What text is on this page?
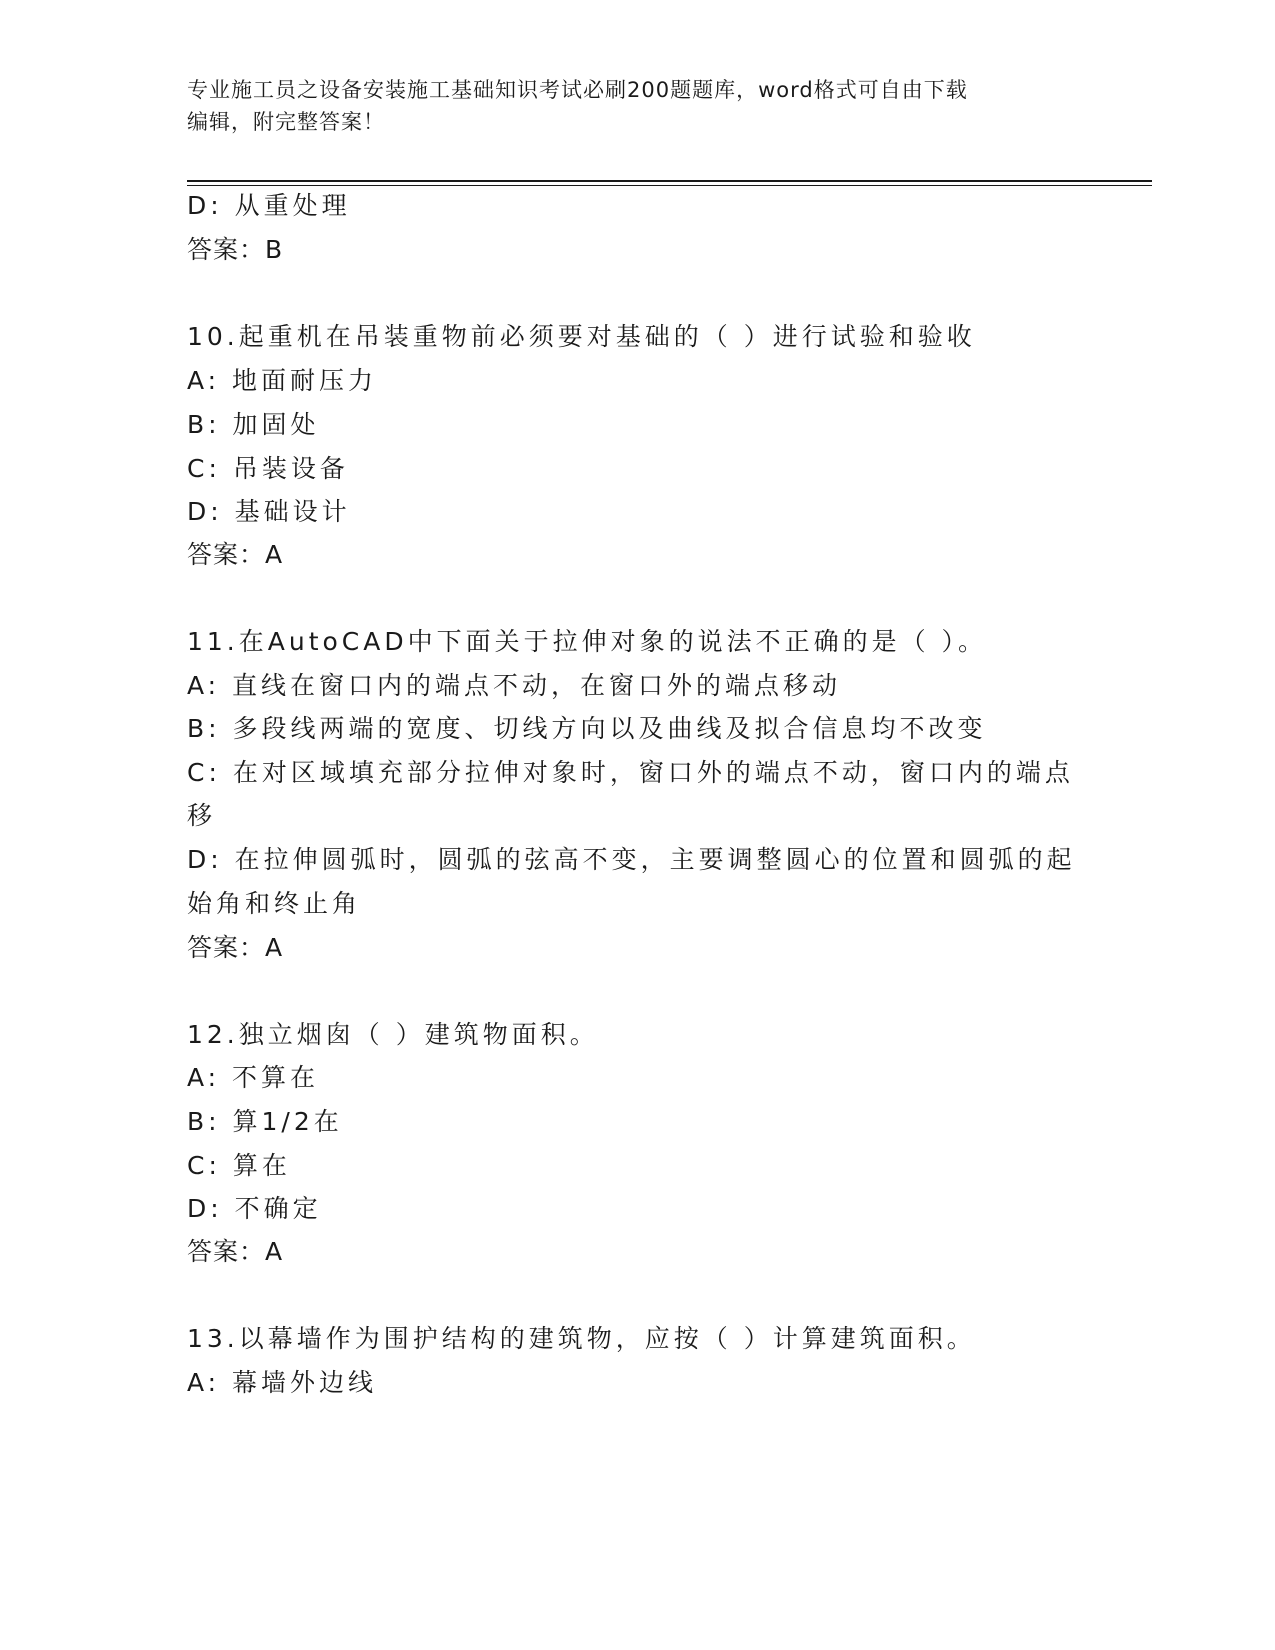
专业施工员之设备安装施工基础知识考试必刷200题题库，word格式可自由下载
编辑，附完整答案！
D: 从重处理
答案：B
10.起重机在吊装重物前必须要对基础的（ ）进行试验和验收
A: 地面耐压力
B: 加固处
C: 吊装设备
D: 基础设计
答案：A
11.在AutoCAD中下面关于拉伸对象的说法不正确的是（ ）。
A: 直线在窗口内的端点不动，在窗口外的端点移动
B: 多段线两端的宽度、切线方向以及曲线及拟合信息均不改变
C: 在对区域填充部分拉伸对象时，窗口外的端点不动，窗口内的端点
移
D: 在拉伸圆弧时，圆弧的弦高不变，主要调整圆心的位置和圆弧的起
始角和终止角
答案：A
12.独立烟囱（ ）建筑物面积。
A: 不算在
B: 算1/2在
C: 算在
D: 不确定
答案：A
13.以幕墙作为围护结构的建筑物，应按（ ）计算建筑面积。
A: 幕墙外边线
